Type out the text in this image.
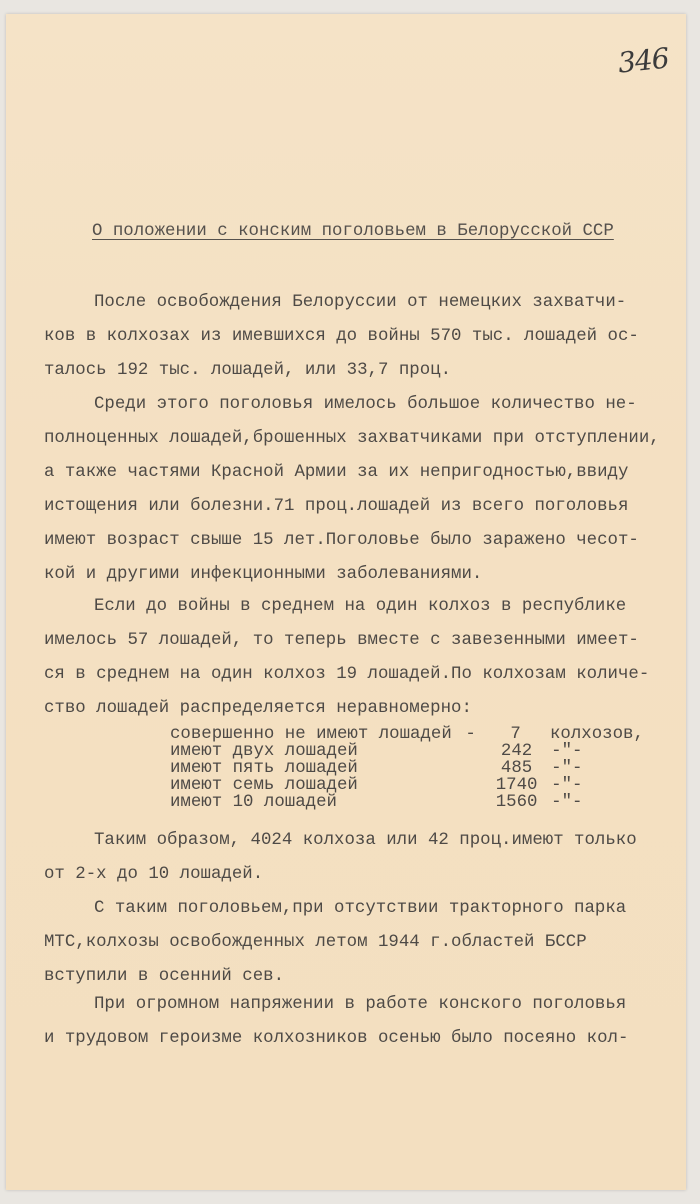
346
О положении с конским поголовьем в Белорусской ССР
После освобождения Белоруссии от немецких захватчи-
ков в колхозах из имевшихся до войны 570 тыс. лошадей ос-
талось 192 тыс. лошадей, или 33,7 проц.
Среди этого поголовья имелось большое количество не-
полноценных лошадей,брошенных захватчиками при отступлении,
а также частями Красной Армии за их непригодностью,ввиду
истощения или болезни.71 проц.лошадей из всего поголовья
имеют возраст свыше 15 лет.Поголовье было заражено чесот-
кой и другими инфекционными заболеваниями.
Если до войны в среднем на один колхоз в республике
имелось 57 лошадей, то теперь вместе с завезенными имеет-
ся в среднем на один колхоз 19 лошадей.По колхозам количе-
ство лошадей распределяется неравномерно:
совершенно не имеют лошадей -	7	колхозов,
имеют двух лошадей	242	-"-
имеют пять лошадей	485	-"-
имеют семь лошадей	1740 -"-
имеют 10 лошадей	1560 -"-
Таким образом, 4024 колхоза или 42 проц.имеют только
от 2-х до 10 лошадей.
С таким поголовьем,при отсутствии тракторного парка
МТС,колхозы освобожденных летом 1944 г.областей БССР
вступили в осенний сев.
При огромном напряжении в работе конского поголовья
и трудовом героизме колхозников осенью было посеяно кол-
